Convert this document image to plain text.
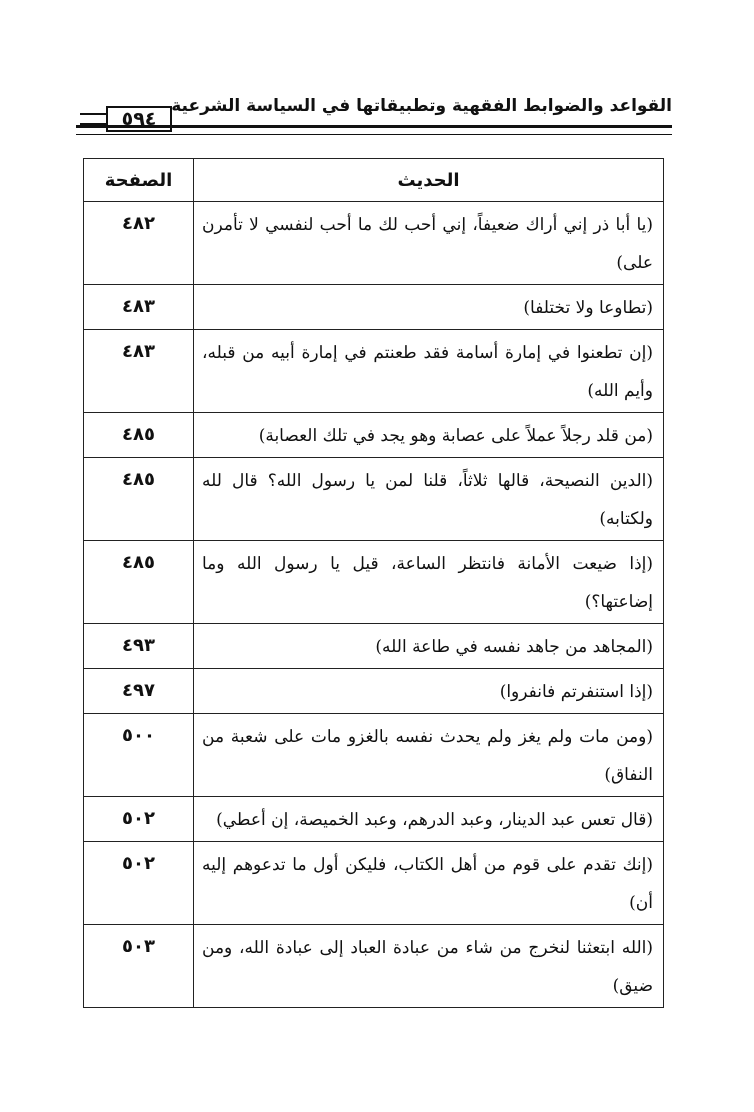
القواعد والضوابط الفقهية وتطبيقاتها في السياسة الشرعية
٥٩٤
الحديث	الصفحة
(يا أبا ذر إني أراك ضعيفاً، إني أحب لك ما أحب لنفسي لا تأمرن على)	٤٨٢
(تطاوعا ولا تختلفا)	٤٨٣
(إن تطعنوا في إمارة أسامة فقد طعنتم في إمارة أبيه من قبله، وأيم الله)	٤٨٣
(من قلد رجلاً عملاً على عصابة وهو يجد في تلك العصابة)	٤٨٥
(الدين النصيحة، قالها ثلاثاً، قلنا لمن يا رسول الله؟ قال لله ولكتابه)	٤٨٥
(إذا ضيعت الأمانة فانتظر الساعة، قيل يا رسول الله وما إضاعتها؟)	٤٨٥
(المجاهد من جاهد نفسه في طاعة الله)	٤٩٣
(إذا استنفرتم فانفروا)	٤٩٧
(ومن مات ولم يغز ولم يحدث نفسه بالغزو مات على شعبة من النفاق)	٥٠٠
(قال تعس عبد الدينار، وعبد الدرهم، وعبد الخميصة، إن أعطي)	٥٠٢
(إنك تقدم على قوم من أهل الكتاب، فليكن أول ما تدعوهم إليه أن)	٥٠٢
(الله ابتعثنا لنخرج من شاء من عبادة العباد إلى عبادة الله، ومن ضيق)	٥٠٣
